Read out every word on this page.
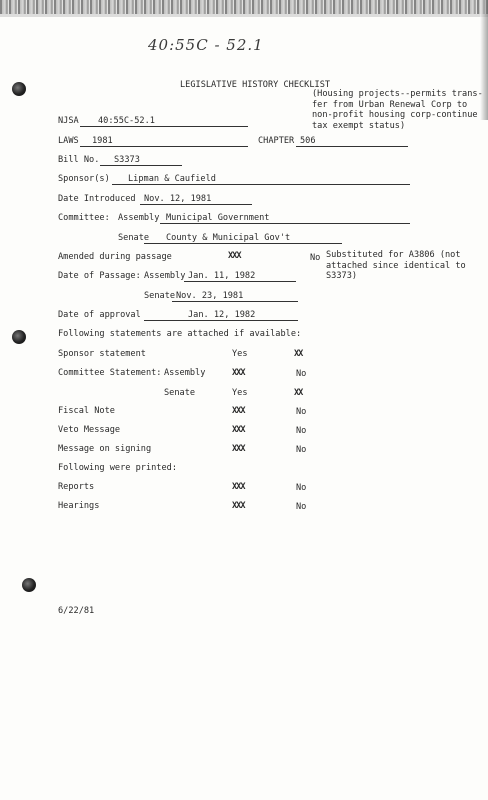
40:55C - 52.1
LEGISLATIVE HISTORY CHECKLIST
(Housing projects--permits trans-
fer from Urban Renewal Corp to
non-profit housing corp-continue
tax exempt status)
NJSA 40:55C-52.1
LAWS 1981	CHAPTER 506
Bill No. S3373
Sponsor(s) Lipman & Caufield
Date Introduced Nov. 12, 1981
Committee: Assembly Municipal Government
Senate County & Municipal Gov't
Amended during passage	XXX	No Substituted for A3806 (not
attached since identical to
S3373)
Date of Passage: Assembly Jan. 11, 1982
Senate Nov. 23, 1981
Date of approval	Jan. 12, 1982
Following statements are attached if available:
Sponsor statement	Yes	XX
Committee Statement: Assembly	XXX	No
Senate	Yes	XX
Fiscal Note	XXX	No
Veto Message	XXX	No
Message on signing	XXX	No
Following were printed:
Reports	XXX	No
Hearings	XXX	No
6/22/81
